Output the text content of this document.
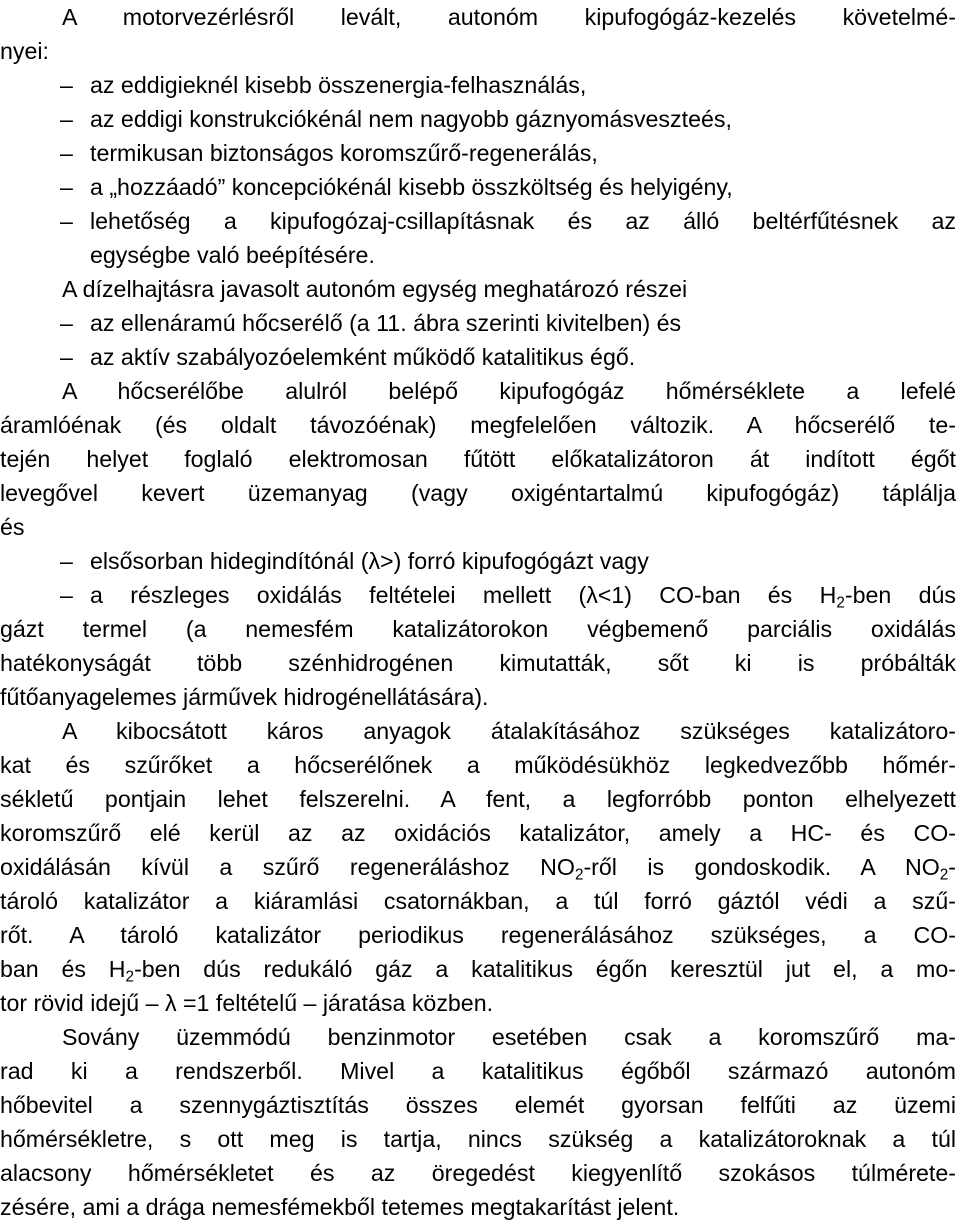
A motorvezérlésről levált, autonóm kipufogógáz-kezelés követelmé-
nyei:
– az eddigieknél kisebb összenergia-felhasználás,
– az eddigi konstrukciókénál nem nagyobb gáznyomásveszteés,
– termikusan biztonságos koromszűrő-regenerálás,
– a „hozzáadó” koncepciókénál kisebb összköltség és helyigény,
– lehetőség a kipufogózaj-csillapításnak és az álló beltérfűtésnek az
egységbe való beépítésére.
A dízelhajtásra javasolt autonóm egység meghatározó részei
– az ellenáramú hőcserélő (a 11. ábra szerinti kivitelben) és
– az aktív szabályozóelemként működő katalitikus égő.
A hőcserélőbe alulról belépő kipufogógáz hőmérséklete a lefelé
áramlóénak (és oldalt távozóénak) megfelelően változik. A hőcserélő te-
tején helyet foglaló elektromosan fűtött előkatalizátoron át indított égőt
levegővel kevert üzemanyag (vagy oxigéntartalmú kipufogógáz) táplálja
és
– elsősorban hidegindítónál (λ>) forró kipufogógázt vagy
– a részleges oxidálás feltételei mellett (λ<1) CO-ban és $H_2$-ben dús
gázt termel (a nemesfém katalizátorokon végbemenő parciális oxidálás
hatékonyságát több szénhidrogénen kimutatták, sőt ki is próbálták
fűtőanyagelemes járművek hidrogénellátására).
A kibocsátott káros anyagok átalakításához szükséges katalizátoro-
kat és szűrőket a hőcserélőnek a működésükhöz legkedvezőbb hőmér-
sékletű pontjain lehet felszerelni. A fent, a legforróbb ponton elhelyezett
koromszűrő elé kerül az az oxidációs katalizátor, amely a HC- és CO-
oxidálásán kívül a szűrő regeneráláshoz $NO_2$-ről is gondoskodik. A $NO_2-$
tároló katalizátor a kiáramlási csatornákban, a túl forró gáztól védi a szű-
rőt. A tároló katalizátor periodikus regenerálásához szükséges, a CO-
ban és $H_2$-ben dús redukáló gáz a katalitikus égőn keresztül jut el, a mo-
tor rövid idejű – λ =1 feltételű – járatása közben.
Sovány üzemmódú benzinmotor esetében csak a koromszűrő ma-
rad ki a rendszerből. Mivel a katalitikus égőből származó autonóm
hőbevitel a szennygáztisztítás összes elemét gyorsan felfűti az üzemi
hőmérsékletre, s ott meg is tartja, nincs szükség a katalizátoroknak a túl
alacsony hőmérsékletet és az öregedést kiegyenlítő szokásos túlmérete-
zésére, ami a drága nemesfémekből tetemes megtakarítást jelent.
